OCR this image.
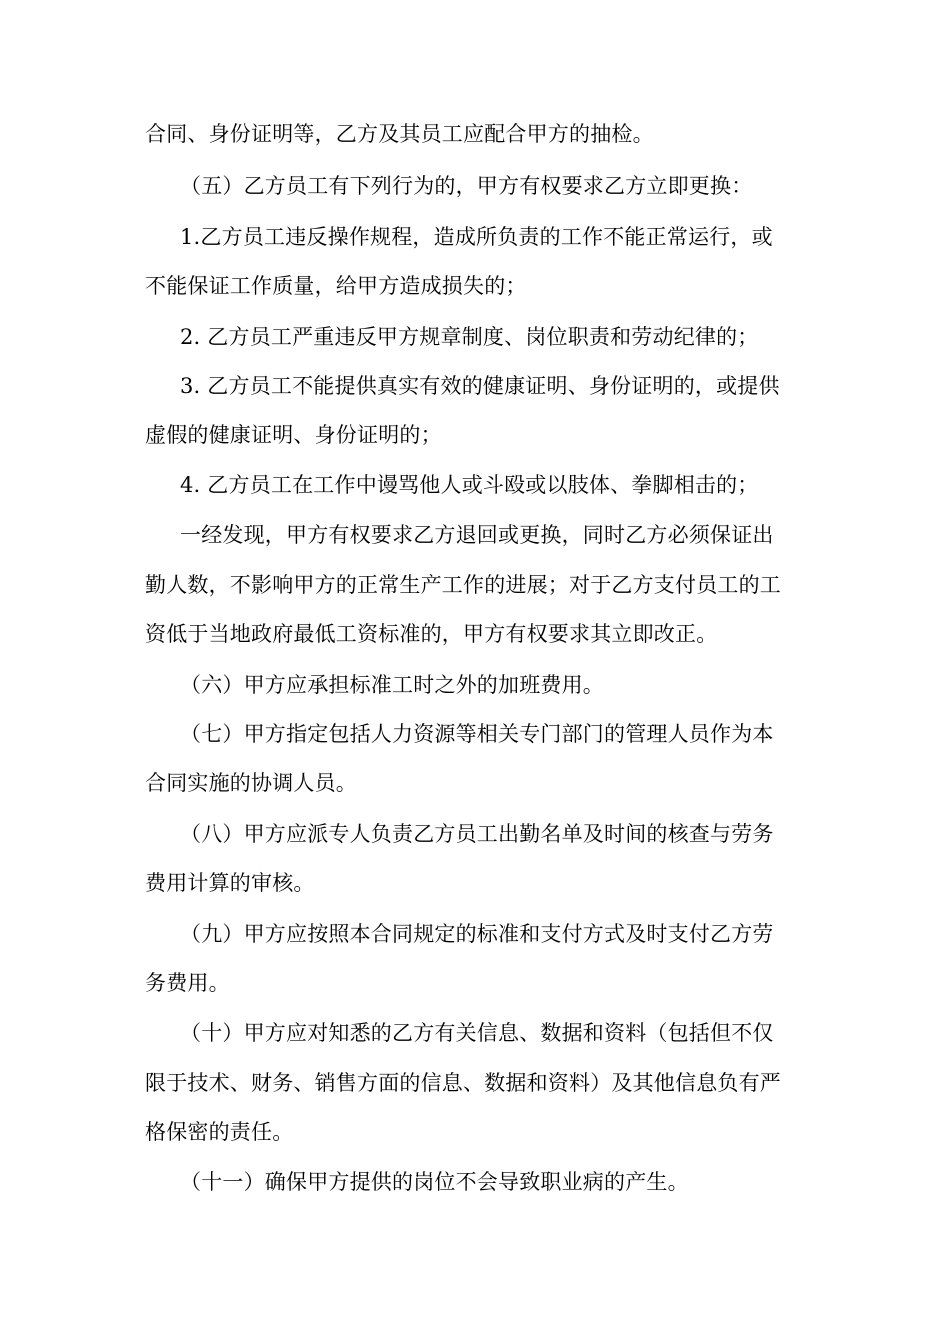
合同、身份证明等，乙方及其员工应配合甲方的抽检。
（五）乙方员工有下列行为的，甲方有权要求乙方立即更换：
1.乙方员工违反操作规程，造成所负责的工作不能正常运行，或
不能保证工作质量，给甲方造成损失的；
2. 乙方员工严重违反甲方规章制度、岗位职责和劳动纪律的；
3. 乙方员工不能提供真实有效的健康证明、身份证明的，或提供
虚假的健康证明、身份证明的；
4. 乙方员工在工作中谩骂他人或斗殴或以肢体、拳脚相击的；
一经发现，甲方有权要求乙方退回或更换，同时乙方必须保证出
勤人数，不影响甲方的正常生产工作的进展；对于乙方支付员工的工
资低于当地政府最低工资标准的，甲方有权要求其立即改正。
（六）甲方应承担标准工时之外的加班费用。
（七）甲方指定包括人力资源等相关专门部门的管理人员作为本
合同实施的协调人员。
（八）甲方应派专人负责乙方员工出勤名单及时间的核查与劳务
费用计算的审核。
（九）甲方应按照本合同规定的标准和支付方式及时支付乙方劳
务费用。
（十）甲方应对知悉的乙方有关信息、数据和资料（包括但不仅
限于技术、财务、销售方面的信息、数据和资料）及其他信息负有严
格保密的责任。
（十一）确保甲方提供的岗位不会导致职业病的产生。
